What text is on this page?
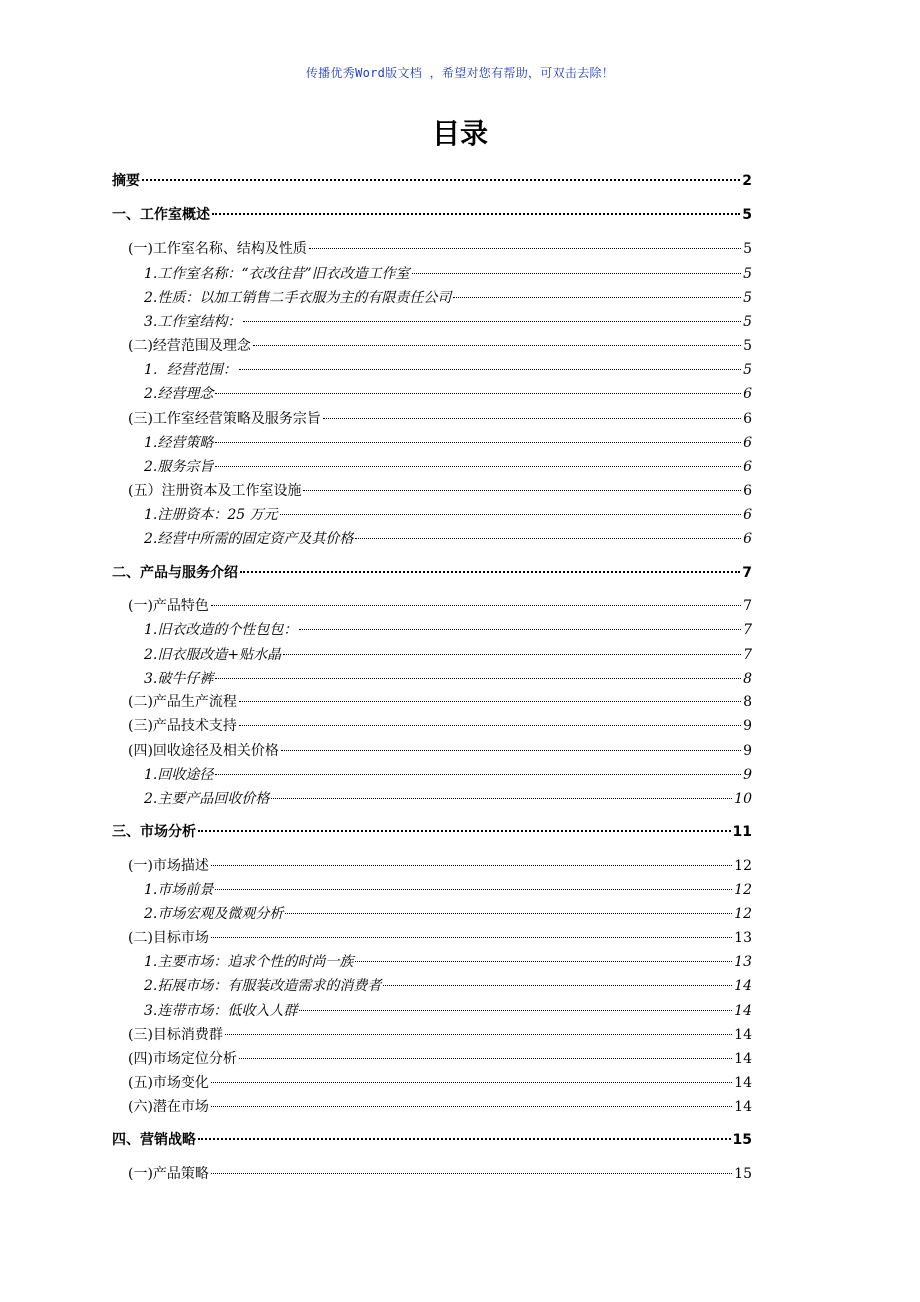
传播优秀Word版文档 ，希望对您有帮助，可双击去除！
目录
摘要	2
一、工作室概述	5
(一)工作室名称、结构及性质	5
1.工作室名称：“衣改往昔”旧衣改造工作室	5
2.性质：以加工销售二手衣服为主的有限责任公司	5
3.工作室结构：	5
(二)经营范围及理念	5
1．经营范围：	5
2.经营理念	6
(三)工作室经营策略及服务宗旨	6
1.经营策略	6
2.服务宗旨	6
(五）注册资本及工作室设施	6
1.注册资本：25 万元	6
2.经营中所需的固定资产及其价格	6
二、产品与服务介绍	7
(一)产品特色	7
1.旧衣改造的个性包包：	7
2.旧衣服改造+贴水晶	7
3.破牛仔裤	8
(二)产品生产流程	8
(三)产品技术支持	9
(四)回收途径及相关价格	9
1.回收途径	9
2.主要产品回收价格	10
三、市场分析	11
(一)市场描述	12
1.市场前景	12
2.市场宏观及微观分析	12
(二)目标市场	13
1.主要市场：追求个性的时尚一族	13
2.拓展市场：有服装改造需求的消费者	14
3.连带市场：低收入人群	14
(三)目标消费群	14
(四)市场定位分析	14
(五)市场变化	14
(六)潜在市场	14
四、营销战略	15
(一)产品策略	15
